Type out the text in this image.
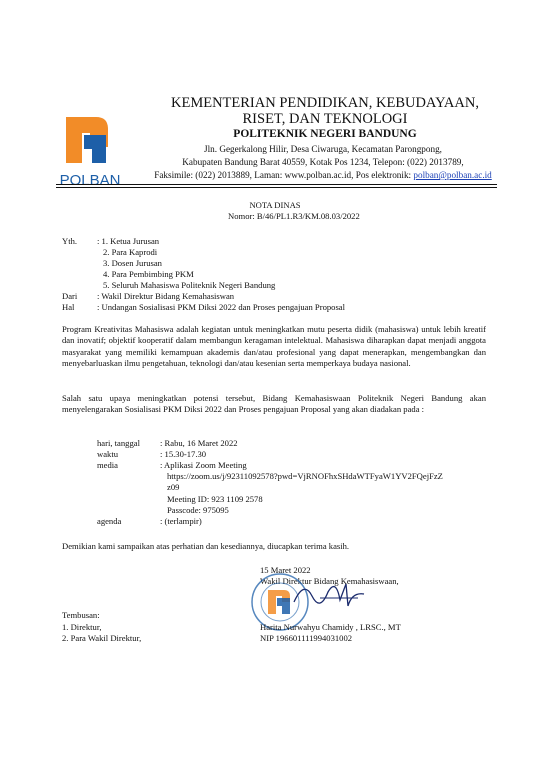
POLBAN
KEMENTERIAN PENDIDIKAN, KEBUDAYAAN,
RISET, DAN TEKNOLOGI
POLITEKNIK NEGERI BANDUNG
Jln. Gegerkalong Hilir, Desa Ciwaruga, Kecamatan Parongpong,
Kabupaten Bandung Barat 40559, Kotak Pos 1234, Telepon: (022) 2013789,
Faksimile: (022) 2013889, Laman: www.polban.ac.id, Pos elektronik: polban@polban.ac.id
NOTA DINAS
Nomor: B/46/PL1.R3/KM.08.03/2022
Yth. : 1. Ketua Jurusan
2. Para Kaprodi
3. Dosen Jurusan
4. Para Pembimbing PKM
5. Seluruh Mahasiswa Politeknik Negeri Bandung
Dari : Wakil Direktur Bidang Kemahasiswan
Hal	: Undangan Sosialisasi PKM Diksi 2022 dan Proses pengajuan Proposal
Program Kreativitas Mahasiswa adalah kegiatan untuk meningkatkan mutu peserta didik (mahasiswa) untuk lebih kreatif dan inovatif; objektif kooperatif dalam membangun keragaman intelektual. Mahasiswa diharapkan dapat menjadi anggota masyarakat yang memiliki kemampuan akademis dan/atau profesional yang dapat menerapkan, mengembangkan dan menyebarluaskan ilmu pengetahuan, teknologi dan/atau kesenian serta memperkaya budaya nasional.
Salah satu upaya meningkatkan potensi tersebut, Bidang Kemahasiswaan Politeknik Negeri Bandung akan menyelengarakan Sosialisasi PKM Diksi 2022 dan Proses pengajuan Proposal yang akan diadakan pada :
hari, tanggal : Rabu, 16 Maret 2022
waktu	: 15.30-17.30
media	: Aplikasi Zoom Meeting
https://zoom.us/j/92311092578?pwd=VjRNOFhxSHdaWTFyaW1YV2FQejFzZ
z09
Meeting ID: 923 1109 2578
Passcode: 975095
agenda	: (terlampir)
Demikian kami sampaikan atas perhatian dan kesediannya, diucapkan terima kasih.
15 Maret 2022
Wakil Direktur Bidang Kemahasiswaan,
Harita Nurwahyu Chamidy , LRSC., MT
NIP 196601111994031002
Tembusan:
1. Direktur,
2. Para Wakil Direktur,
